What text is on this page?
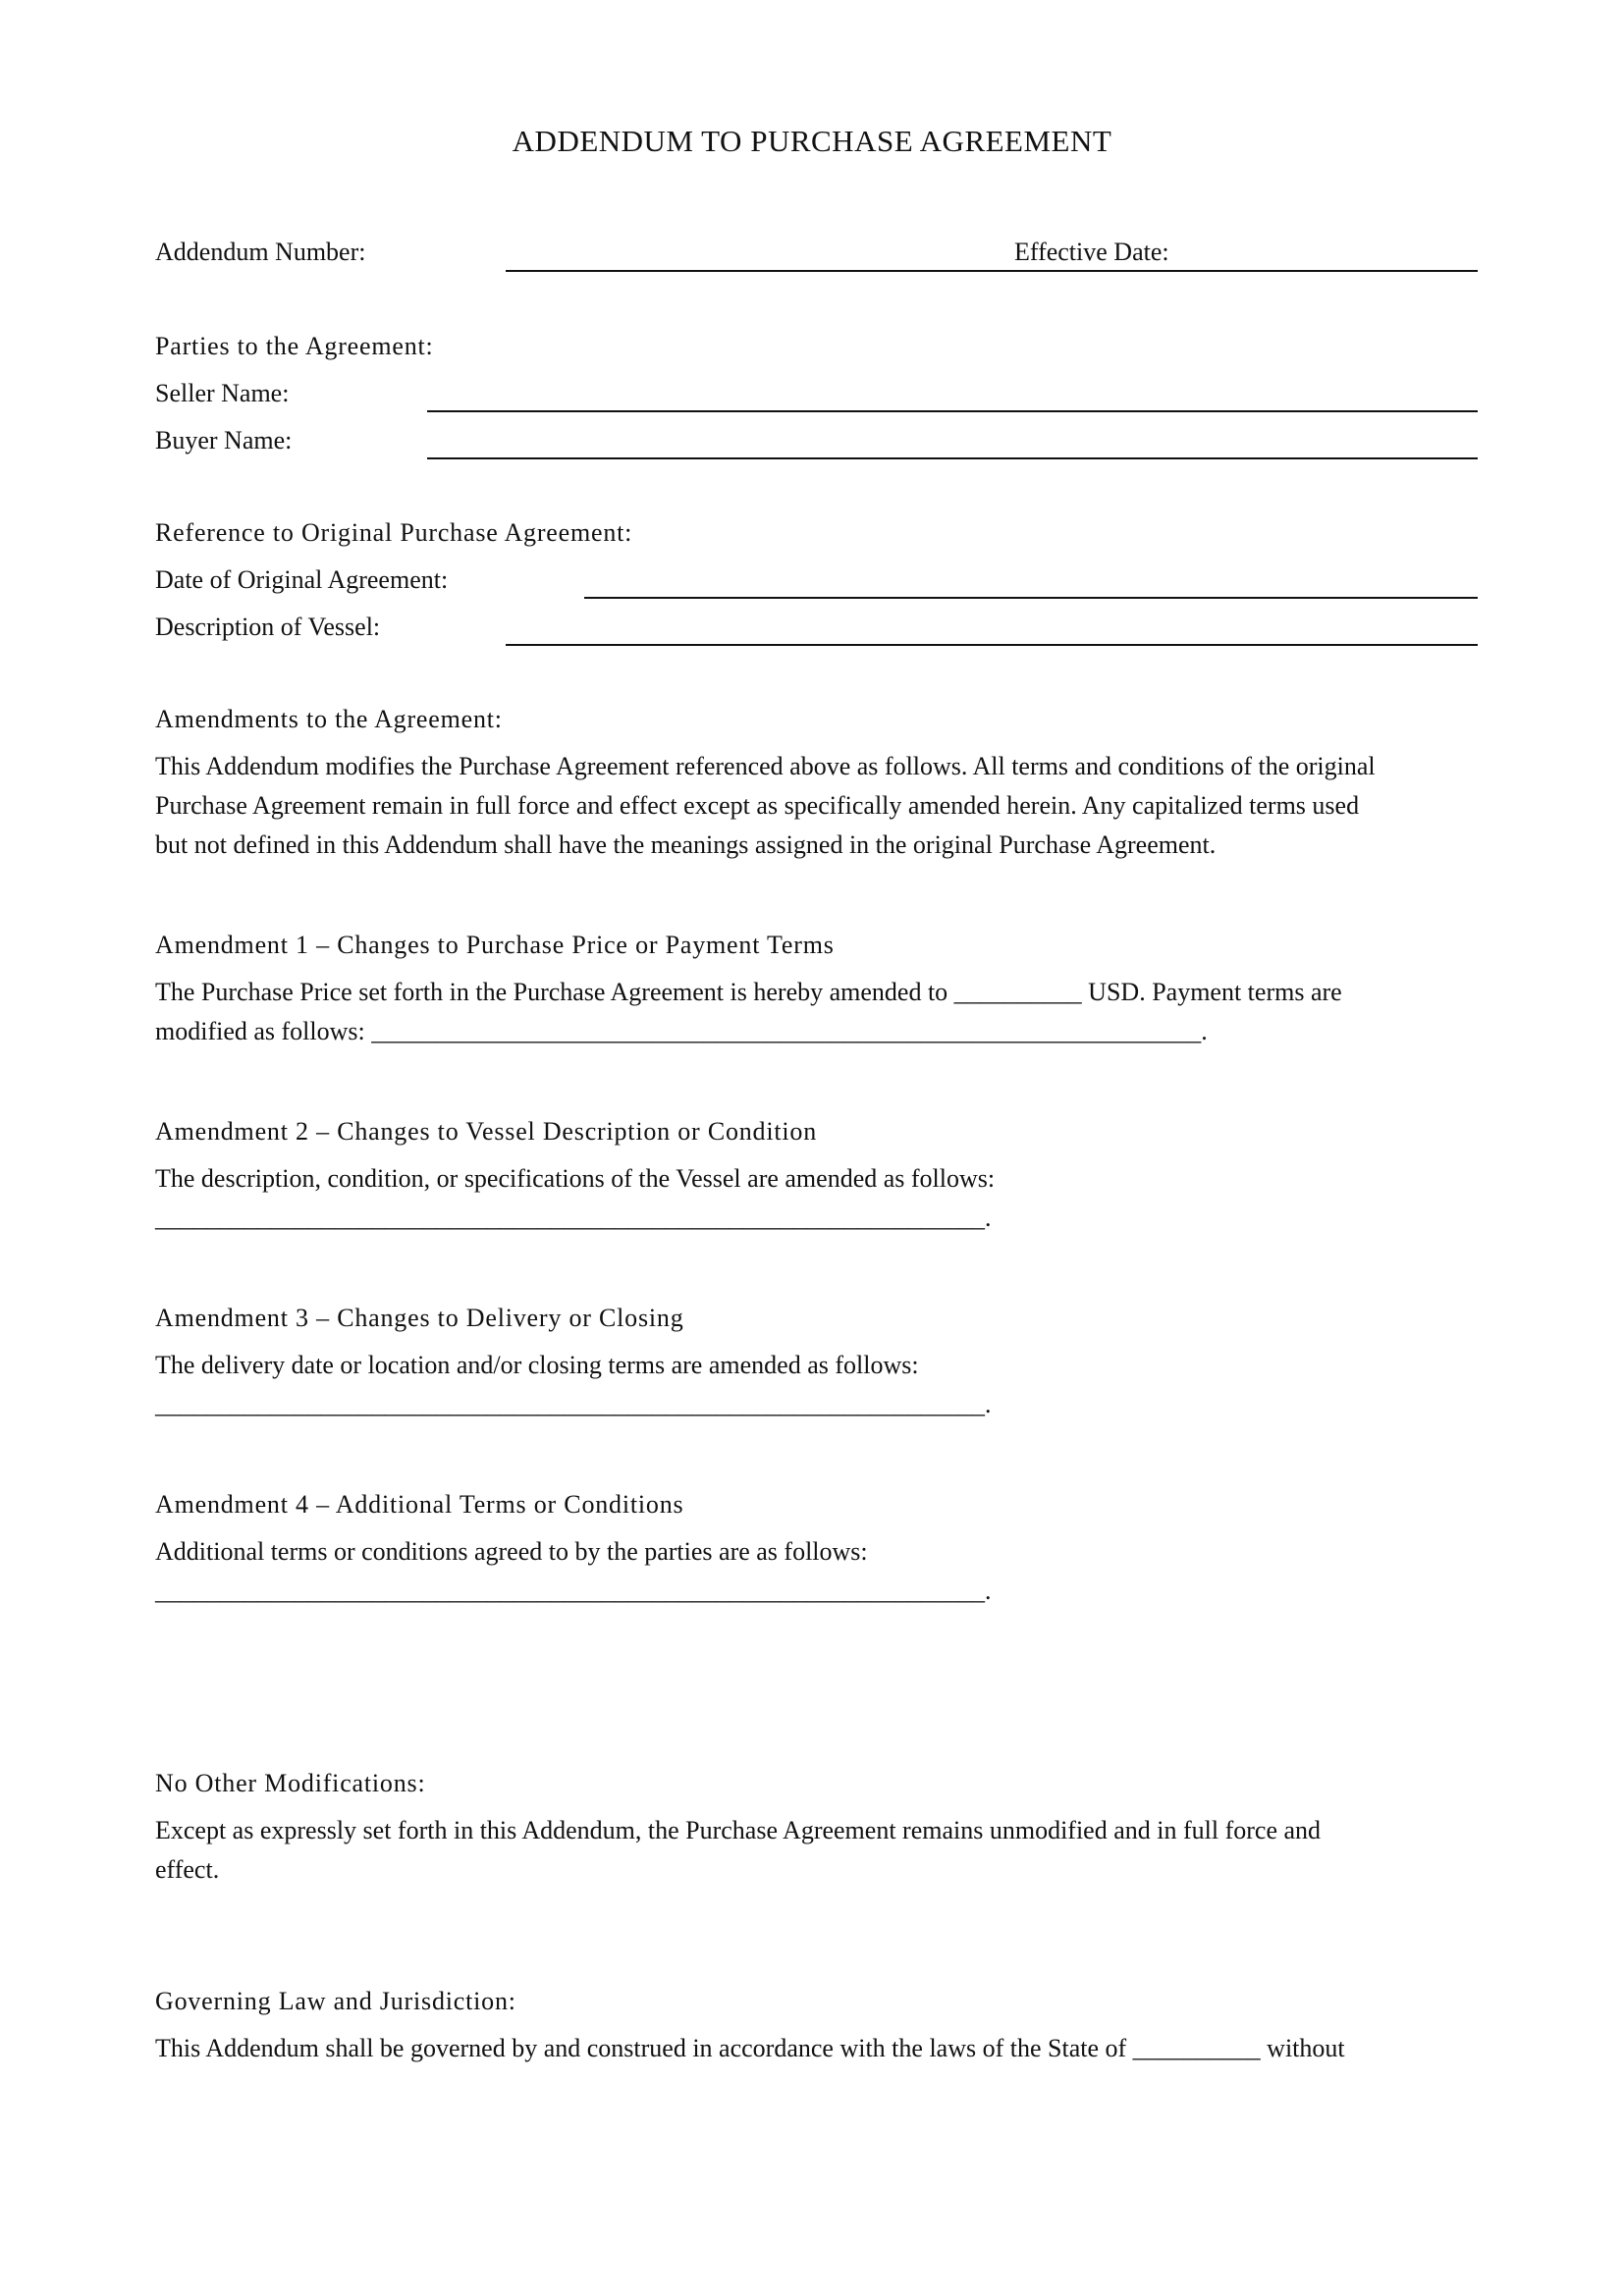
ADDENDUM TO PURCHASE AGREEMENT
Addendum Number:	Effective Date:
Parties to the Agreement:
Seller Name:
Buyer Name:
Reference to Original Purchase Agreement:
Date of Original Agreement:
Description of Vessel:
Amendments to the Agreement:
This Addendum modifies the Purchase Agreement referenced above as follows. All terms and conditions of the original
Purchase Agreement remain in full force and effect except as specifically amended herein. Any capitalized terms used
but not defined in this Addendum shall have the meanings assigned in the original Purchase Agreement.
Amendment 1 – Changes to Purchase Price or Payment Terms
The Purchase Price set forth in the Purchase Agreement is hereby amended to __________ USD. Payment terms are
modified as follows: _________________________________________________________________.
Amendment 2 – Changes to Vessel Description or Condition
The description, condition, or specifications of the Vessel are amended as follows:
_________________________________________________________________.
Amendment 3 – Changes to Delivery or Closing
The delivery date or location and/or closing terms are amended as follows:
_________________________________________________________________.
Amendment 4 – Additional Terms or Conditions
Additional terms or conditions agreed to by the parties are as follows:
_________________________________________________________________.
No Other Modifications:
Except as expressly set forth in this Addendum, the Purchase Agreement remains unmodified and in full force and
effect.
Governing Law and Jurisdiction:
This Addendum shall be governed by and construed in accordance with the laws of the State of __________ without
